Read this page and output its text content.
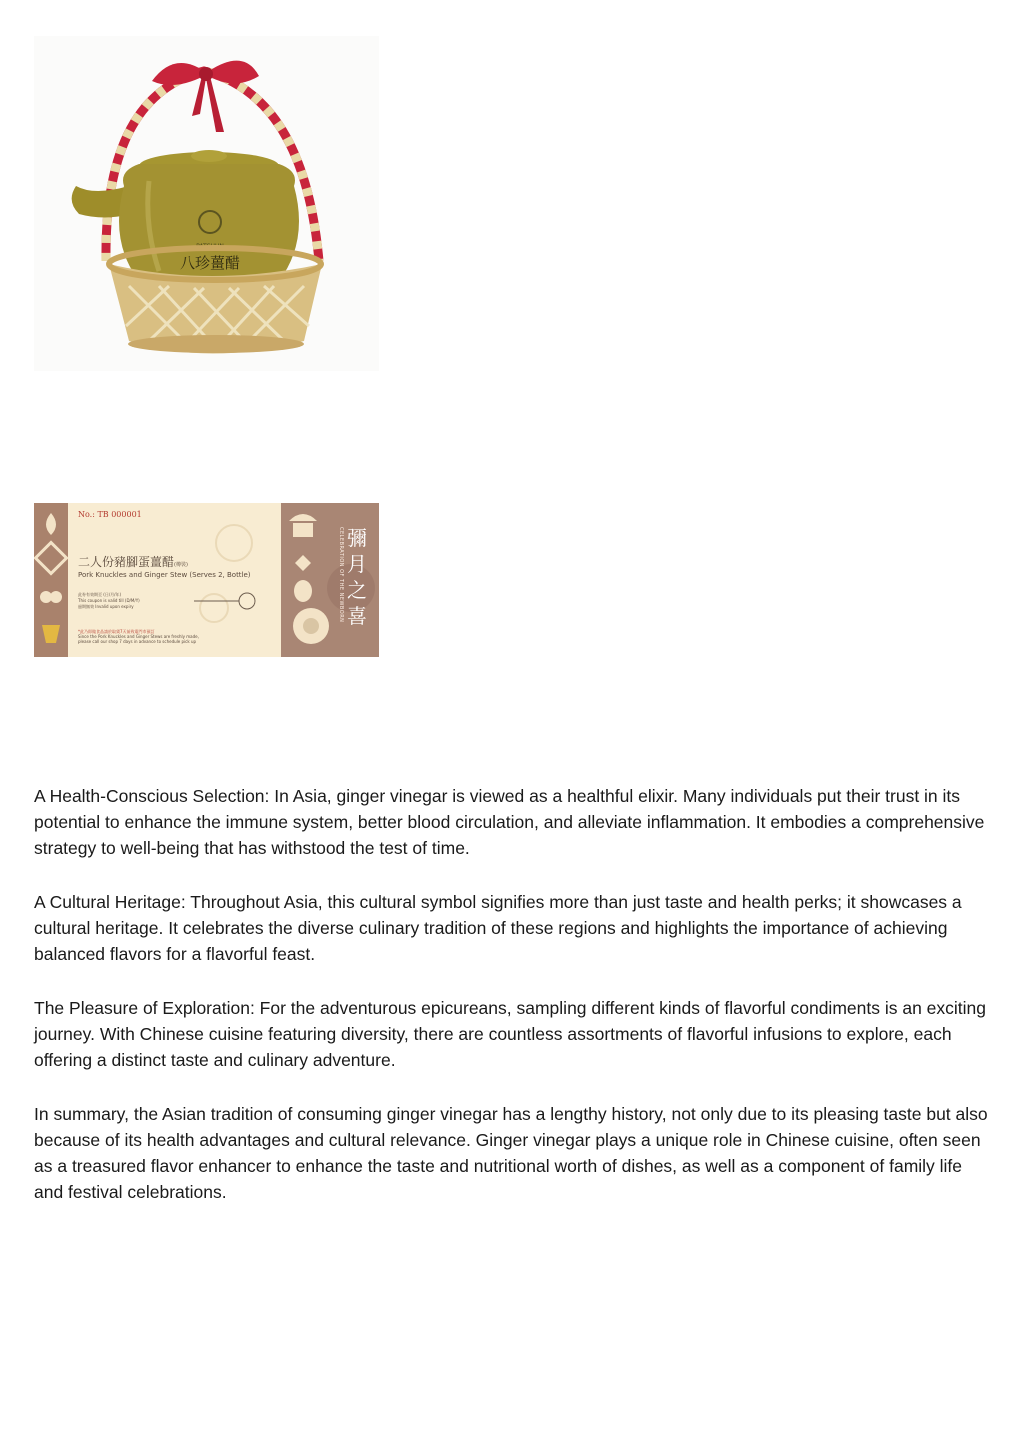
PATCHUN
八珍薑醋
CELEBRATION OF THE NEWBORN 彌月之喜
No.: TB 000001
二人份豬腳蛋薑醋(樽裝)
Pork Knuckles and Ginger Stew (Serves 2, Bottle)
此券有效期至 (日/月/年)
This coupon is valid till (D/M/Y)
過期無效 Invalid upon expiry
*此乃即做食品請於取貨7天前致電門市預訂
Since the Pork Knuckles and Ginger Stews are freshly made,
please call our shop 7 days in advance to schedule pick up

A Health-Conscious Selection: In Asia, ginger vinegar is viewed as a healthful elixir. Many individuals put their trust in its potential to enhance the immune system, better blood circulation, and alleviate inflammation. It embodies a comprehensive strategy to well-being that has withstood the test of time.

A Cultural Heritage: Throughout Asia, this cultural symbol signifies more than just taste and health perks; it showcases a cultural heritage. It celebrates the diverse culinary tradition of these regions and highlights the importance of achieving balanced flavors for a flavorful feast.

The Pleasure of Exploration: For the adventurous epicureans, sampling different kinds of flavorful condiments is an exciting journey. With Chinese cuisine featuring diversity, there are countless assortments of flavorful infusions to explore, each offering a distinct taste and culinary adventure.

In summary, the Asian tradition of consuming ginger vinegar has a lengthy history, not only due to its pleasing taste but also because of its health advantages and cultural relevance. Ginger vinegar plays a unique role in Chinese cuisine, often seen as a treasured flavor enhancer to enhance the taste and nutritional worth of dishes, as well as a component of family life and festival celebrations.
